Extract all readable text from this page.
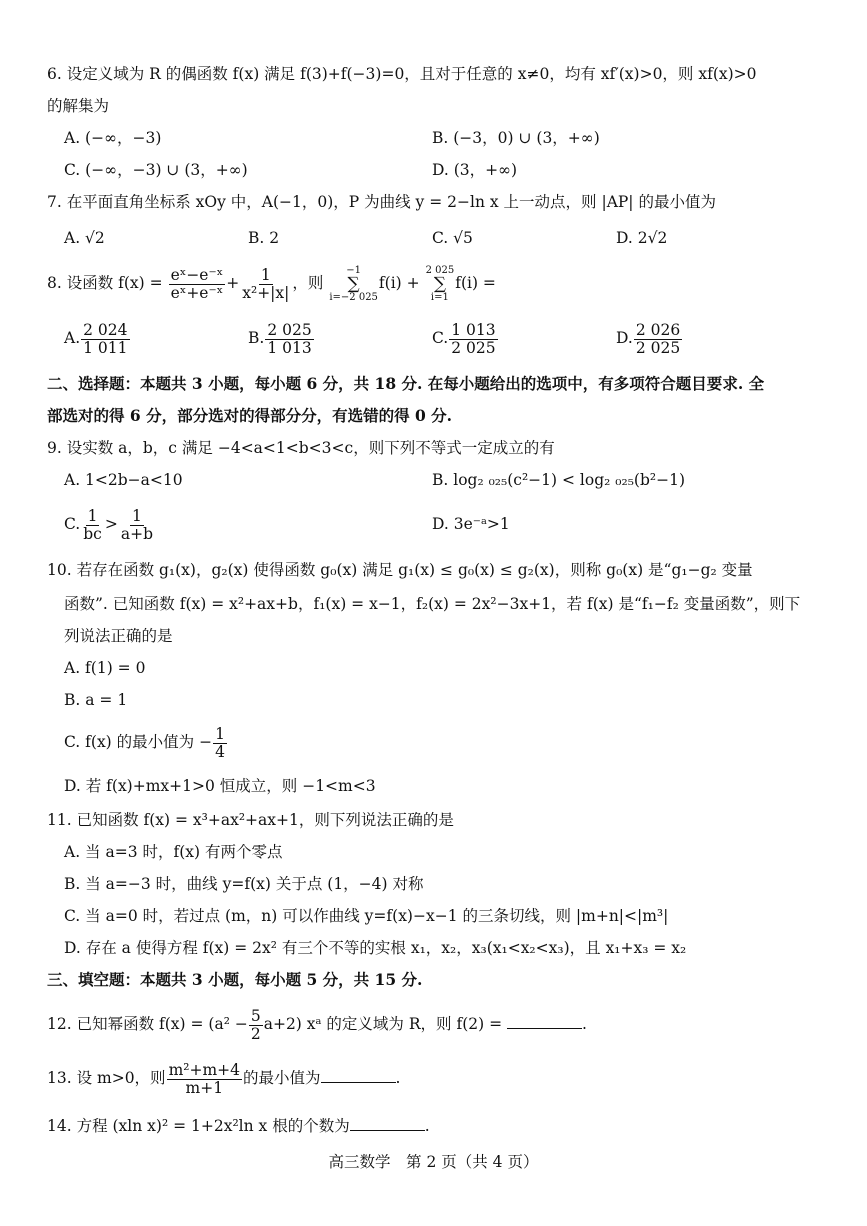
6. 设定义域为 R 的偶函数 f(x) 满足 f(3)+f(−3)=0，且对于任意的 x≠0，均有 xf′(x)>0，则 xf(x)>0
的解集为
A. (−∞，−3)	B. (−3，0) ∪ (3，+∞)
C. (−∞，−3) ∪ (3，+∞)	D. (3，+∞)
7. 在平面直角坐标系 xOy 中，A(−1，0)，P 为曲线 y = 2−ln x 上一动点，则 |AP| 的最小值为
A. √2	B. 2	C. √5	D. 2√2
8. 设函数 $f(x) = \frac{\text{eˣ−e⁻ˣ}}{\text{eˣ+e⁻ˣ}} + \frac{1}{\text{x²+|x|}}$ ，则
−1
∑
i=−2 025
f(i) +
2 025
∑
i=1
f(i) =
A. $\frac{2 024}{1 011}$	B. $\frac{2 025}{1 013}$	C. $\frac{1 013}{2 025}$	D. $\frac{2 026}{2 025}$
二、选择题：本题共 3 小题，每小题 6 分，共 18 分. 在每小题给出的选项中，有多项符合题目要求. 全
部选对的得 6 分，部分选对的得部分分，有选错的得 0 分.
9. 设实数 a，b，c 满足 −4<a<1<b<3<c，则下列不等式一定成立的有
A. 1<2b−a<10	B. log₂ ₀₂₅(c²−1) < log₂ ₀₂₅(b²−1)
C. $\frac{1}{bc} > \frac{1}{a+b}$	D. 3e⁻ᵃ>1
10. 若存在函数 g₁(x)，g₂(x) 使得函数 g₀(x) 满足 g₁(x) ≤ g₀(x) ≤ g₂(x)，则称 g₀(x) 是“g₁−g₂ 变量
函数”. 已知函数 f(x) = x²+ax+b，f₁(x) = x−1，f₂(x) = 2x²−3x+1，若 f(x) 是“f₁−f₂ 变量函数”，则下
列说法正确的是
A. f(1) = 0
B. a = 1
C. f(x) 的最小值为 − $\frac{1}{4}$
D. 若 f(x)+mx+1>0 恒成立，则 −1<m<3
11. 已知函数 f(x) = x³+ax²+ax+1，则下列说法正确的是
A. 当 a=3 时，f(x) 有两个零点
B. 当 a=−3 时，曲线 y=f(x) 关于点 (1，−4) 对称
C. 当 a=0 时，若过点 (m，n) 可以作曲线 y=f(x)−x−1 的三条切线，则 |m+n|<|m³|
D. 存在 a 使得方程 f(x) = 2x² 有三个不等的实根 x₁，x₂，x₃(x₁<x₂<x₃)，且 x₁+x₃ = x₂
三、填空题：本题共 3 小题，每小题 5 分，共 15 分.
12. 已知幂函数 $f(x) = (a^2 - \frac{5}{2} a+2)$ xᵃ 的定义域为 R，则 f(2) =	.
13. 设 m>0，则 $\frac{\text{m²+m+4}}{m+1}$ 的最小值为	.
14. 方程 (xln x)² = 1+2x²ln x 根的个数为	.
高三数学　第 2 页（共 4 页）
